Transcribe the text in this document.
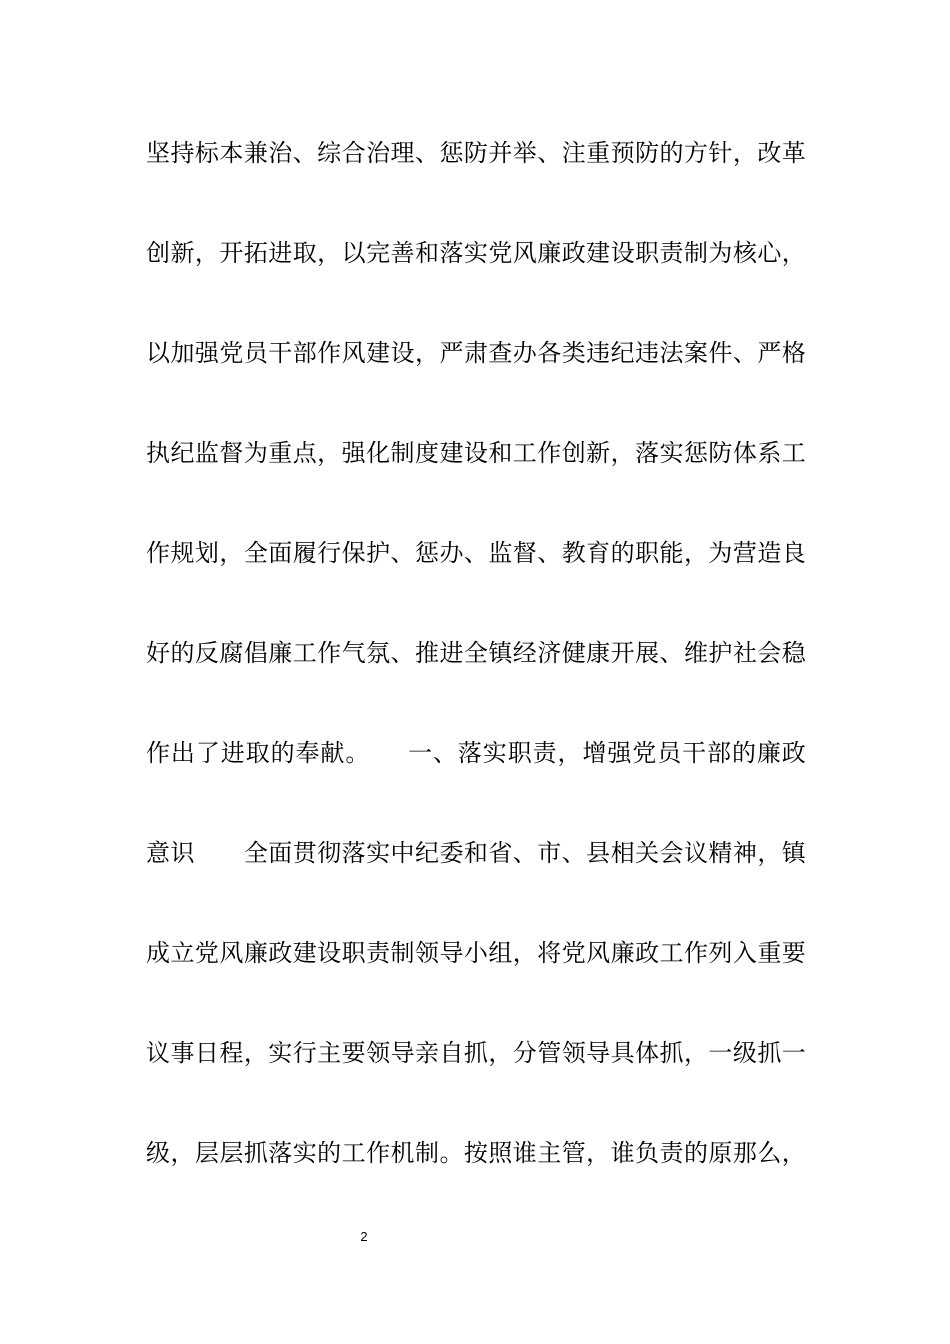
坚持标本兼治、综合治理、惩防并举、注重预防的方针，改革
创新，开拓进取，以完善和落实党风廉政建设职责制为核心，
以加强党员干部作风建设，严肃查办各类违纪违法案件、严格
执纪监督为重点，强化制度建设和工作创新，落实惩防体系工
作规划，全面履行保护、惩办、监督、教育的职能，为营造良
好的反腐倡廉工作气氛、推进全镇经济健康开展、维护社会稳
作出了进取的奉献。　　一、落实职责，增强党员干部的廉政
意识　　全面贯彻落实中纪委和省、市、县相关会议精神，镇
成立党风廉政建设职责制领导小组，将党风廉政工作列入重要
议事日程，实行主要领导亲自抓，分管领导具体抓，一级抓一
级，层层抓落实的工作机制。按照谁主管，谁负责的原那么，
2
